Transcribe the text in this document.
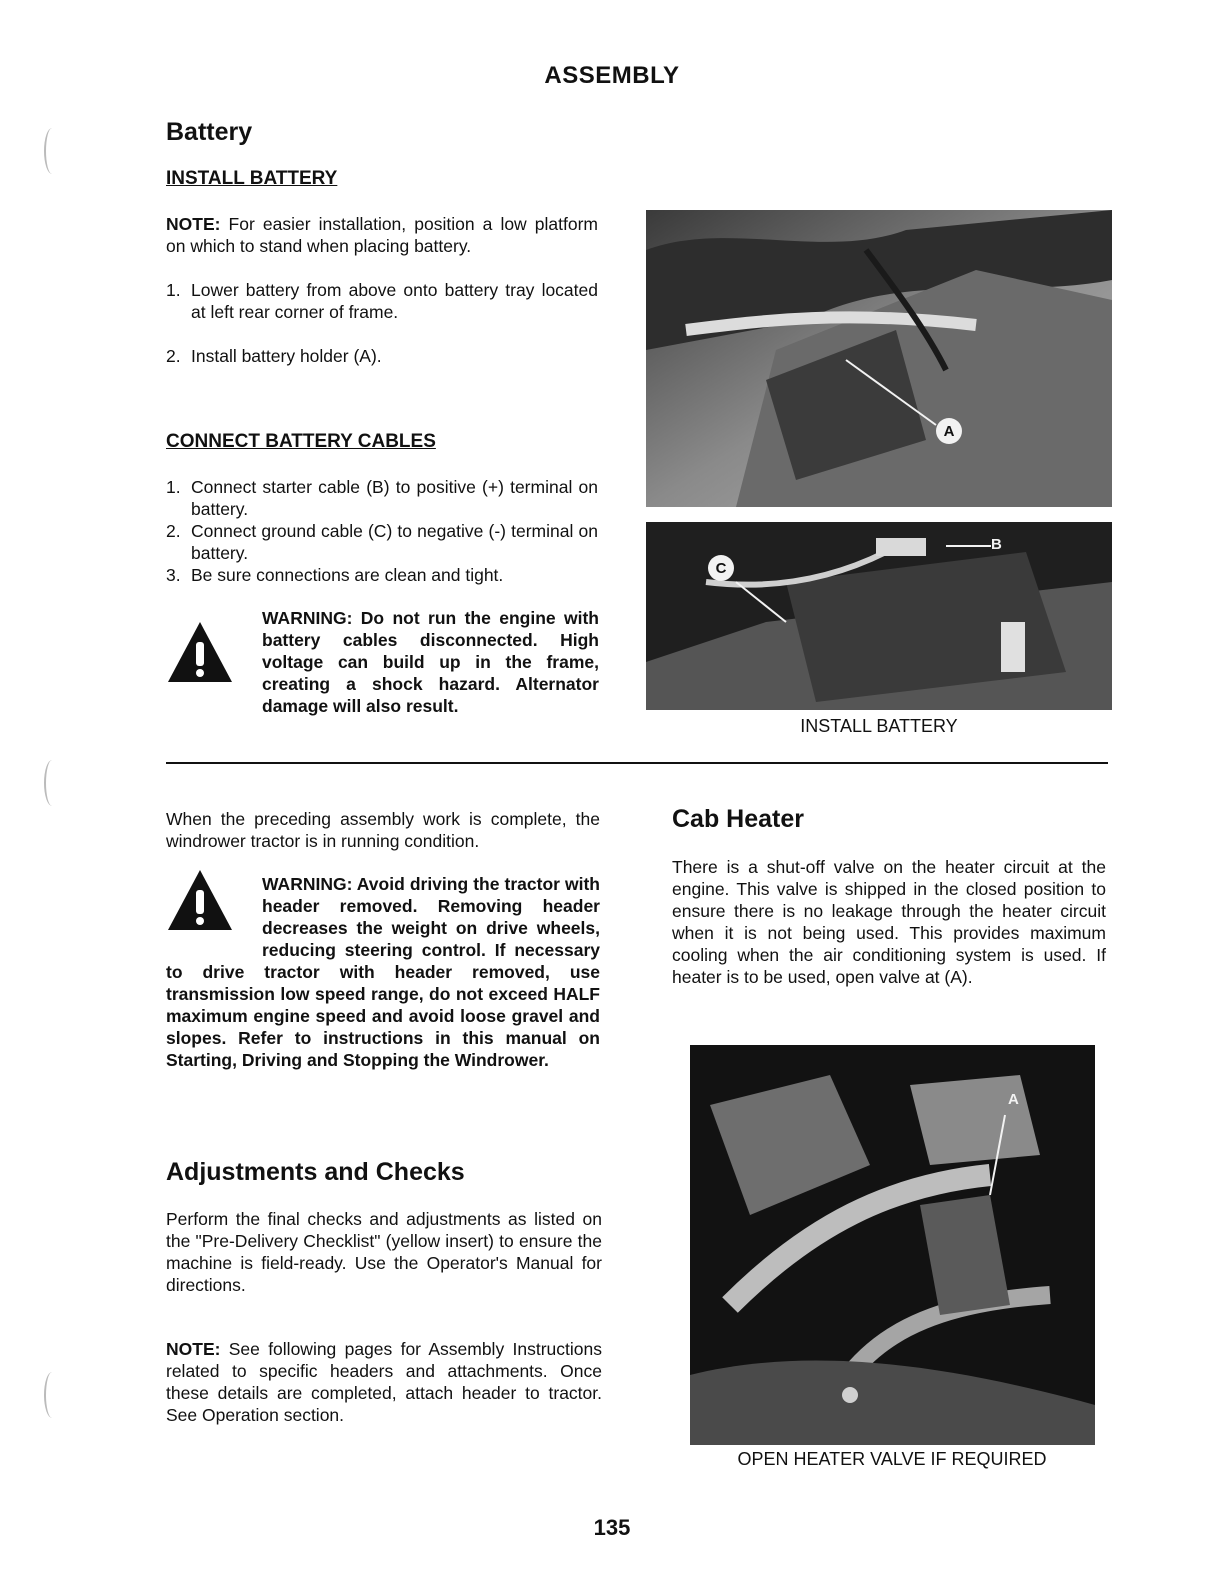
ASSEMBLY
Battery
INSTALL BATTERY
NOTE: For easier installation, position a low platform on which to stand when placing battery.
1. Lower battery from above onto battery tray located at left rear corner of frame.
2. Install battery holder (A).
CONNECT BATTERY CABLES
1. Connect starter cable (B) to positive (+) terminal on battery.
2. Connect ground cable (C) to negative (-) terminal on battery.
3. Be sure connections are clean and tight.
WARNING: Do not run the engine with battery cables disconnected. High voltage can build up in the frame, creating a shock hazard. Alternator damage will also result.
A
C
B
INSTALL BATTERY
When the preceding assembly work is complete, the windrower tractor is in running condition.
WARNING: Avoid driving the tractor with header removed. Removing header decreases the weight on drive wheels, reducing steering control. If necessary to drive tractor with header removed, use transmission low speed range, do not exceed HALF maximum engine speed and avoid loose gravel and slopes. Refer to instructions in this manual on Starting, Driving and Stopping the Windrower.
Adjustments and Checks
Perform the final checks and adjustments as listed on the "Pre-Delivery Checklist" (yellow insert) to ensure the machine is field-ready. Use the Operator's Manual for directions.
NOTE: See following pages for Assembly Instructions related to specific headers and attachments. Once these details are completed, attach header to tractor. See Operation section.
Cab Heater
There is a shut-off valve on the heater circuit at the engine. This valve is shipped in the closed position to ensure there is no leakage through the heater circuit when it is not being used. This provides maximum cooling when the air conditioning system is used. If heater is to be used, open valve at (A).
A
OPEN HEATER VALVE IF REQUIRED
135
